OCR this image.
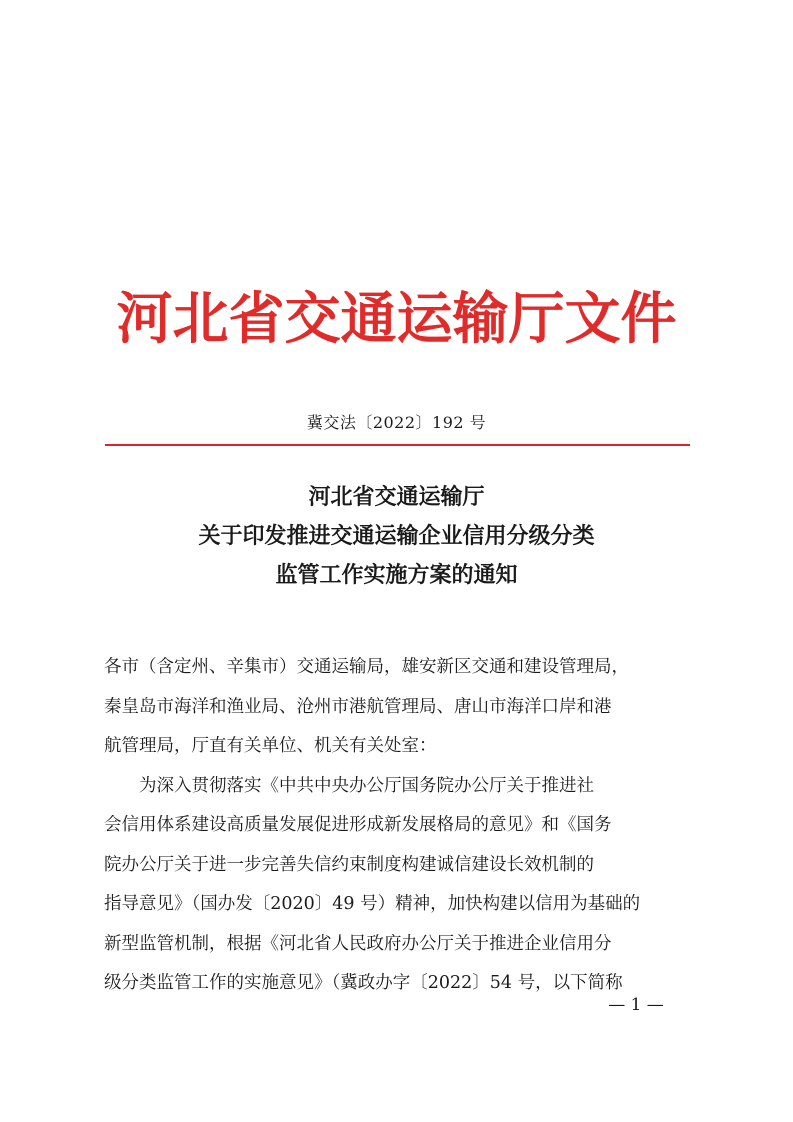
河北省交通运输厅文件
冀交法〔2022〕192 号
河北省交通运输厅
关于印发推进交通运输企业信用分级分类
监管工作实施方案的通知
各市（含定州、辛集市）交通运输局，雄安新区交通和建设管理局，
秦皇岛市海洋和渔业局、沧州市港航管理局、唐山市海洋口岸和港
航管理局，厅直有关单位、机关有关处室：
为深入贯彻落实《中共中央办公厅国务院办公厅关于推进社
会信用体系建设高质量发展促进形成新发展格局的意见》和《国务
院办公厅关于进一步完善失信约束制度构建诚信建设长效机制的
指导意见》（国办发〔2020〕49 号）精神，加快构建以信用为基础的
新型监管机制，根据《河北省人民政府办公厅关于推进企业信用分
级分类监管工作的实施意见》（冀政办字〔2022〕54 号，以下简称
— 1 —
